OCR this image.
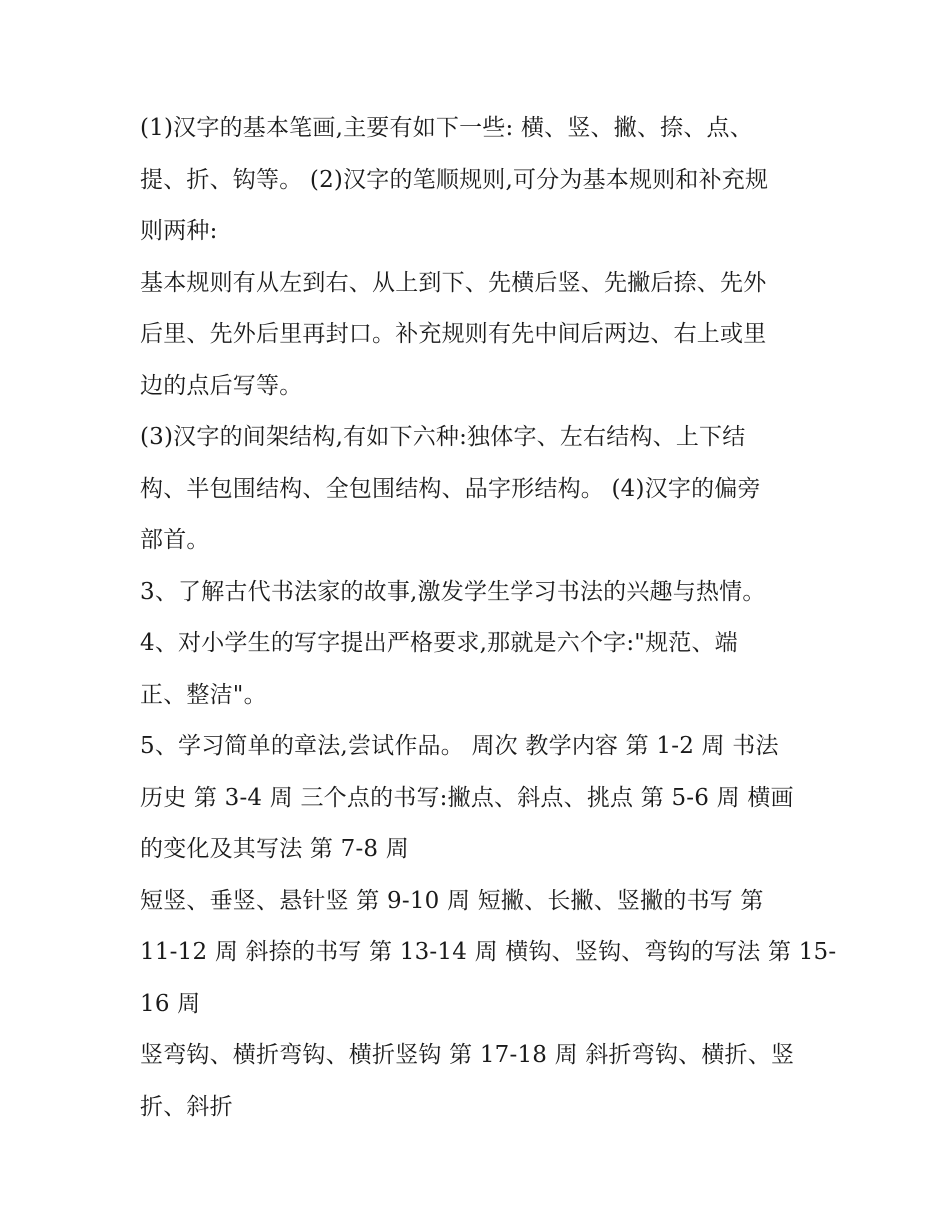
(1)汉字的基本笔画,主要有如下一些: 横、竖、撇、捺、点、
提、折、钩等。 (2)汉字的笔顺规则,可分为基本规则和补充规
则两种:
基本规则有从左到右、从上到下、先横后竖、先撇后捺、先外
后里、先外后里再封口。补充规则有先中间后两边、右上或里
边的点后写等。
(3)汉字的间架结构,有如下六种:独体字、左右结构、上下结
构、半包围结构、全包围结构、品字形结构。 (4)汉字的偏旁
部首。
3、了解古代书法家的故事,激发学生学习书法的兴趣与热情。
4、对小学生的写字提出严格要求,那就是六个字:"规范、端
正、整洁"。
5、学习简单的章法,尝试作品。 周次 教学内容 第 1-2 周 书法
历史 第 3-4 周 三个点的书写:撇点、斜点、挑点 第 5-6 周 横画
的变化及其写法 第 7-8 周
短竖、垂竖、悬针竖 第 9-10 周 短撇、长撇、竖撇的书写 第
11-12 周 斜捺的书写 第 13-14 周 横钩、竖钩、弯钩的写法 第 15-
16 周
竖弯钩、横折弯钩、横折竖钩 第 17-18 周 斜折弯钩、横折、竖
折、斜折
